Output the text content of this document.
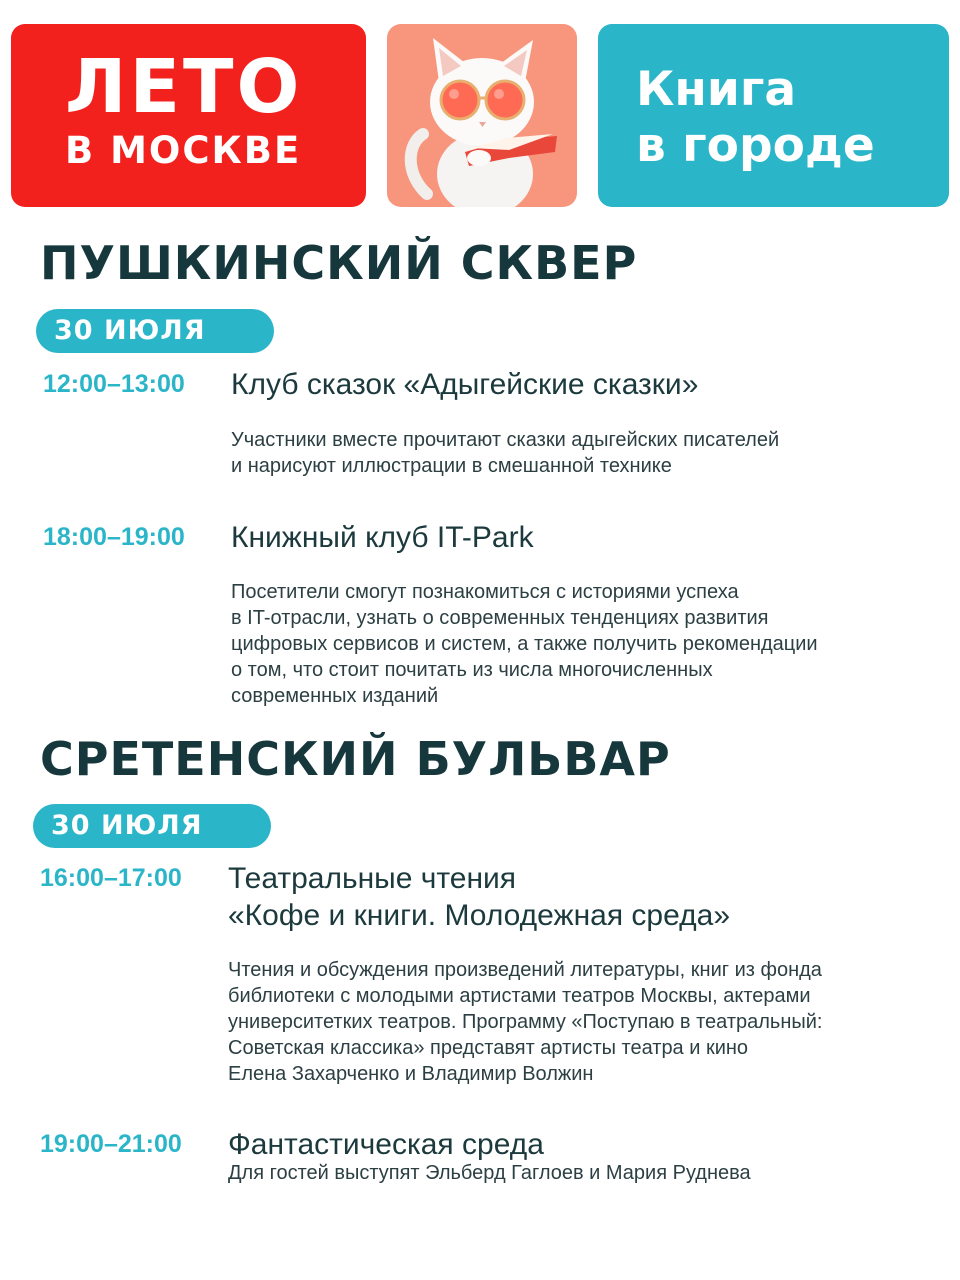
ЛЕТО
В МОСКВЕ
Книга
в городе
ПУШКИНСКИЙ СКВЕР
30 ИЮЛЯ
12:00–13:00 Клуб сказок «Адыгейские сказки»
Участники вместе прочитают сказки адыгейских писателей
и нарисуют иллюстрации в смешанной технике
18:00–19:00 Книжный клуб IT-Park
Посетители смогут познакомиться с историями успеха
в IT-отрасли, узнать о современных тенденциях развития
цифровых сервисов и систем, а также получить рекомендации
о том, что стоит почитать из числа многочисленных
современных изданий
СРЕТЕНСКИЙ БУЛЬВАР
30 ИЮЛЯ
16:00–17:00 Театральные чтения
«Кофе и книги. Молодежная среда»
Чтения и обсуждения произведений литературы, книг из фонда
библиотеки с молодыми артистами театров Москвы, актерами
университетких театров. Программу «Поступаю в театральный:
Советская классика» представят артисты театра и кино
Елена Захарченко и Владимир Волжин
19:00–21:00 Фантастическая среда
Для гостей выступят Эльберд Гаглоев и Мария Руднева
